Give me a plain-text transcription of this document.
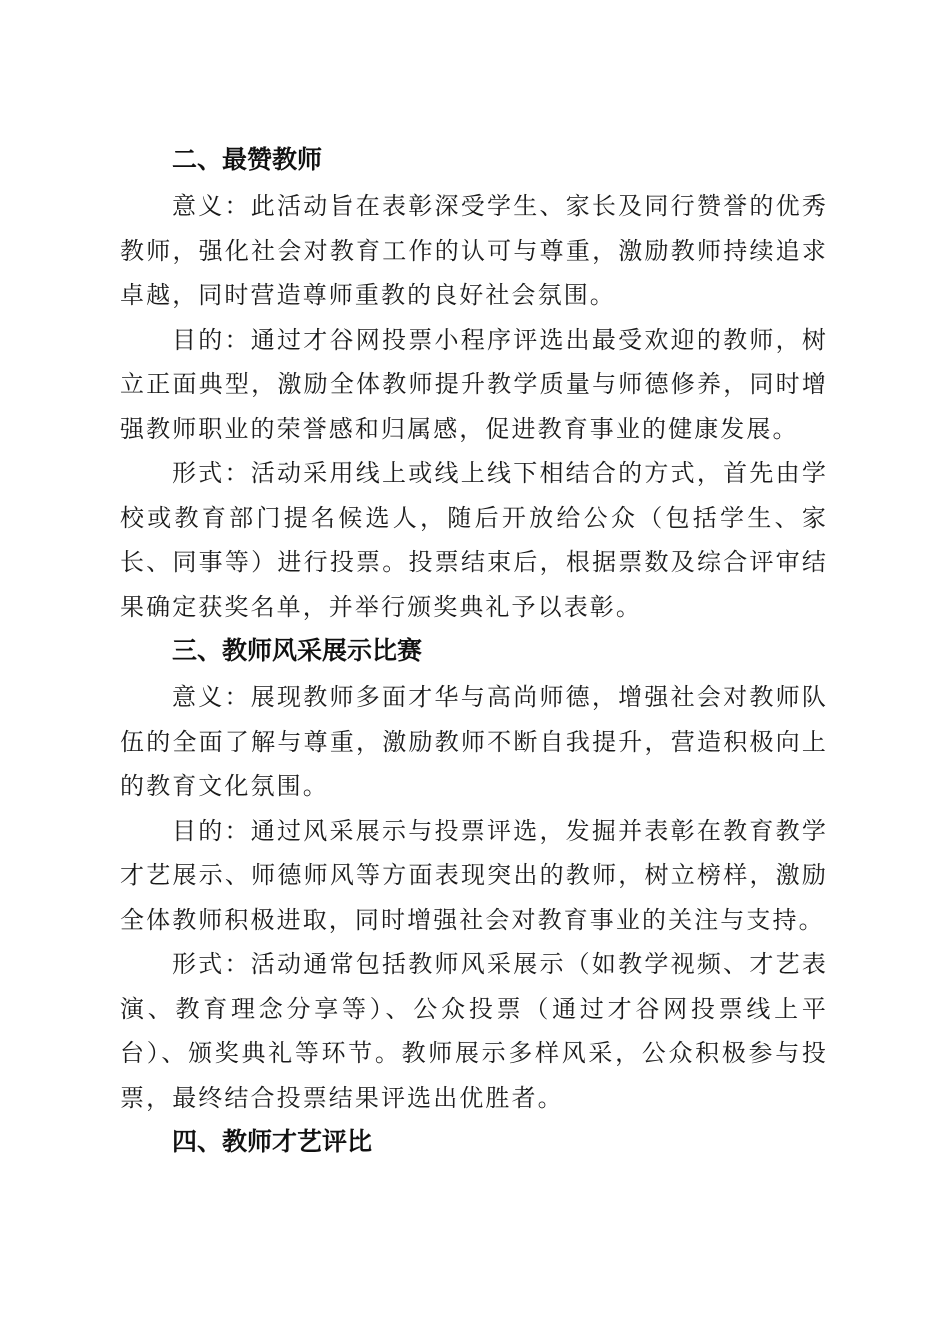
二、最赞教师

意义：此活动旨在表彰深受学生、家长及同行赞誉的优秀教师，强化社会对教育工作的认可与尊重，激励教师持续追求卓越，同时营造尊师重教的良好社会氛围。

目的：通过才谷网投票小程序评选出最受欢迎的教师，树立正面典型，激励全体教师提升教学质量与师德修养，同时增强教师职业的荣誉感和归属感，促进教育事业的健康发展。

形式：活动采用线上或线上线下相结合的方式，首先由学校或教育部门提名候选人，随后开放给公众（包括学生、家长、同事等）进行投票。投票结束后，根据票数及综合评审结果确定获奖名单，并举行颁奖典礼予以表彰。

三、教师风采展示比赛

意义：展现教师多面才华与高尚师德，增强社会对教师队伍的全面了解与尊重，激励教师不断自我提升，营造积极向上的教育文化氛围。

目的：通过风采展示与投票评选，发掘并表彰在教育教学才艺展示、师德师风等方面表现突出的教师，树立榜样，激励全体教师积极进取，同时增强社会对教育事业的关注与支持。

形式：活动通常包括教师风采展示（如教学视频、才艺表演、教育理念分享等）、公众投票（通过才谷网投票线上平台）、颁奖典礼等环节。教师展示多样风采，公众积极参与投票，最终结合投票结果评选出优胜者。

四、教师才艺评比
